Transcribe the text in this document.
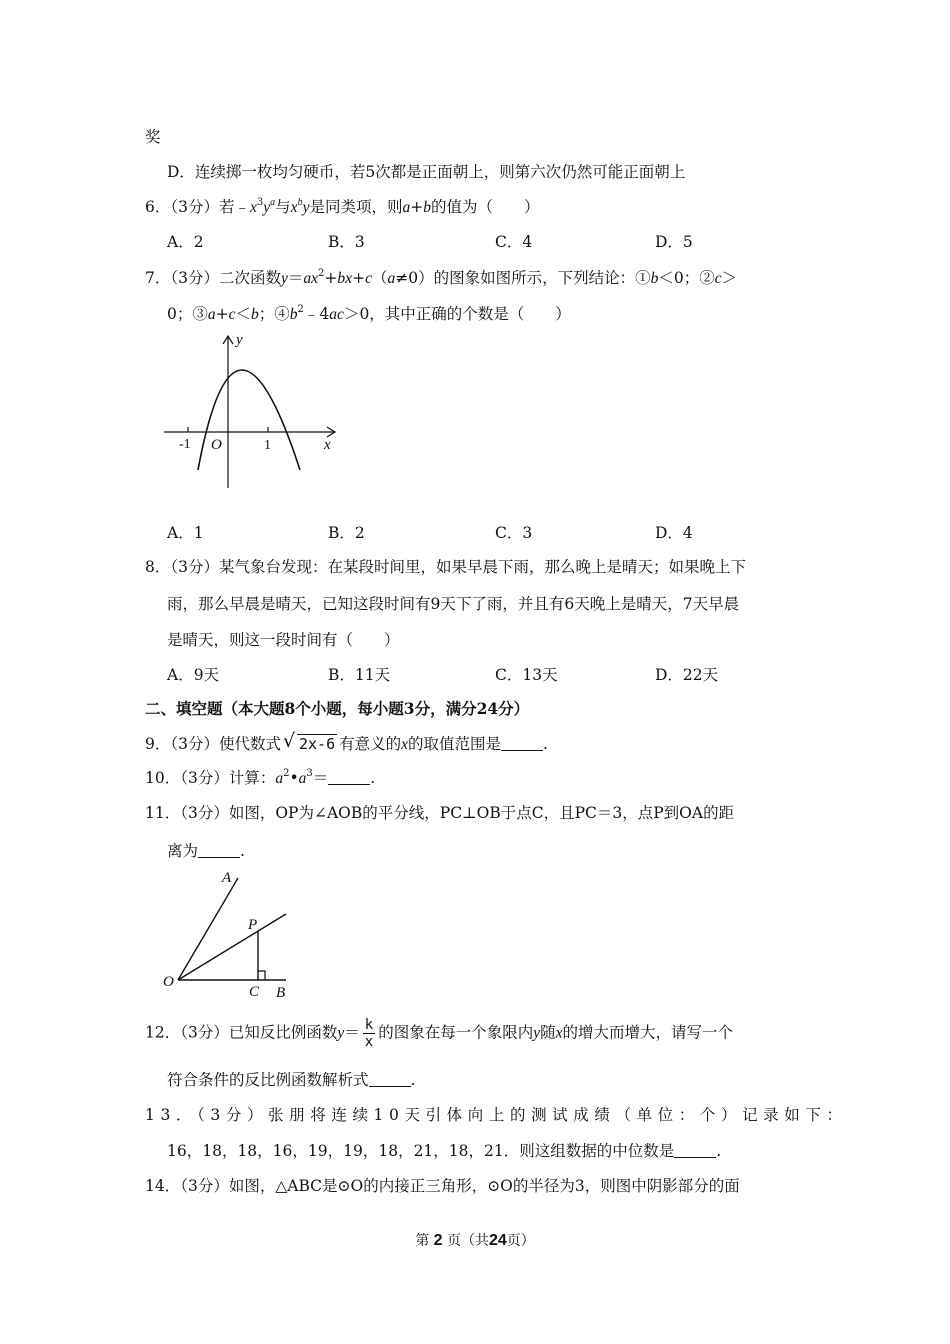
奖
D．连续掷一枚均匀硬币，若5次都是正面朝上，则第六次仍然可能正面朝上
6．（3分）若$﹣x^3y^a$与$x^by$是同类项，则a+b的值为（　　）
A．2	B．3	C．4	D．5
7．（3分）二次函数$y=ax^2+bx+c(a\ne 0)$的图象如图所示，下列结论：①b＜0；②c＞
0；③a+c＜b；$④b^2﹣4ac>0$，其中正确的个数是（　　）
y
x
O
-1	1
A．1	B．2	C．3	D．4
8．（3分）某气象台发现：在某段时间里，如果早晨下雨，那么晚上是晴天；如果晚上下
雨，那么早晨是晴天，已知这段时间有9天下了雨，并且有6天晚上是晴天，7天早晨
是晴天，则这一段时间有（　　）
A．9天	B．11天	C．13天	D．22天
二、填空题（本大题8个小题，每小题3分，满分24分）
9．（3分）使代数式 √ 2x-6 有意义的x的取值范围是	.
10．（3分）计算：$a^2•a^3=$	.
11．（3分）如图，OP为∠AOB的平分线，PC⊥OB于点C，且PC＝3，点P到OA的距
离为	.
A
P
O
C B
12．（3分）已知反比例函数$y= \frac{k}{x}$ 的图象在每一个象限内y随x的增大而增大，请写一个
符合条件的反比例函数解析式	.
13．（3分）张朋将连续10天引体向上的测试成绩（单位：个）记录如下：
16，18，18，16，19，19，18，21，18，21．则这组数据的中位数是	.
14．（3分）如图，△ABC是⊙O的内接正三角形，⊙O的半径为3，则图中阴影部分的面
第 2 页（共24页）
